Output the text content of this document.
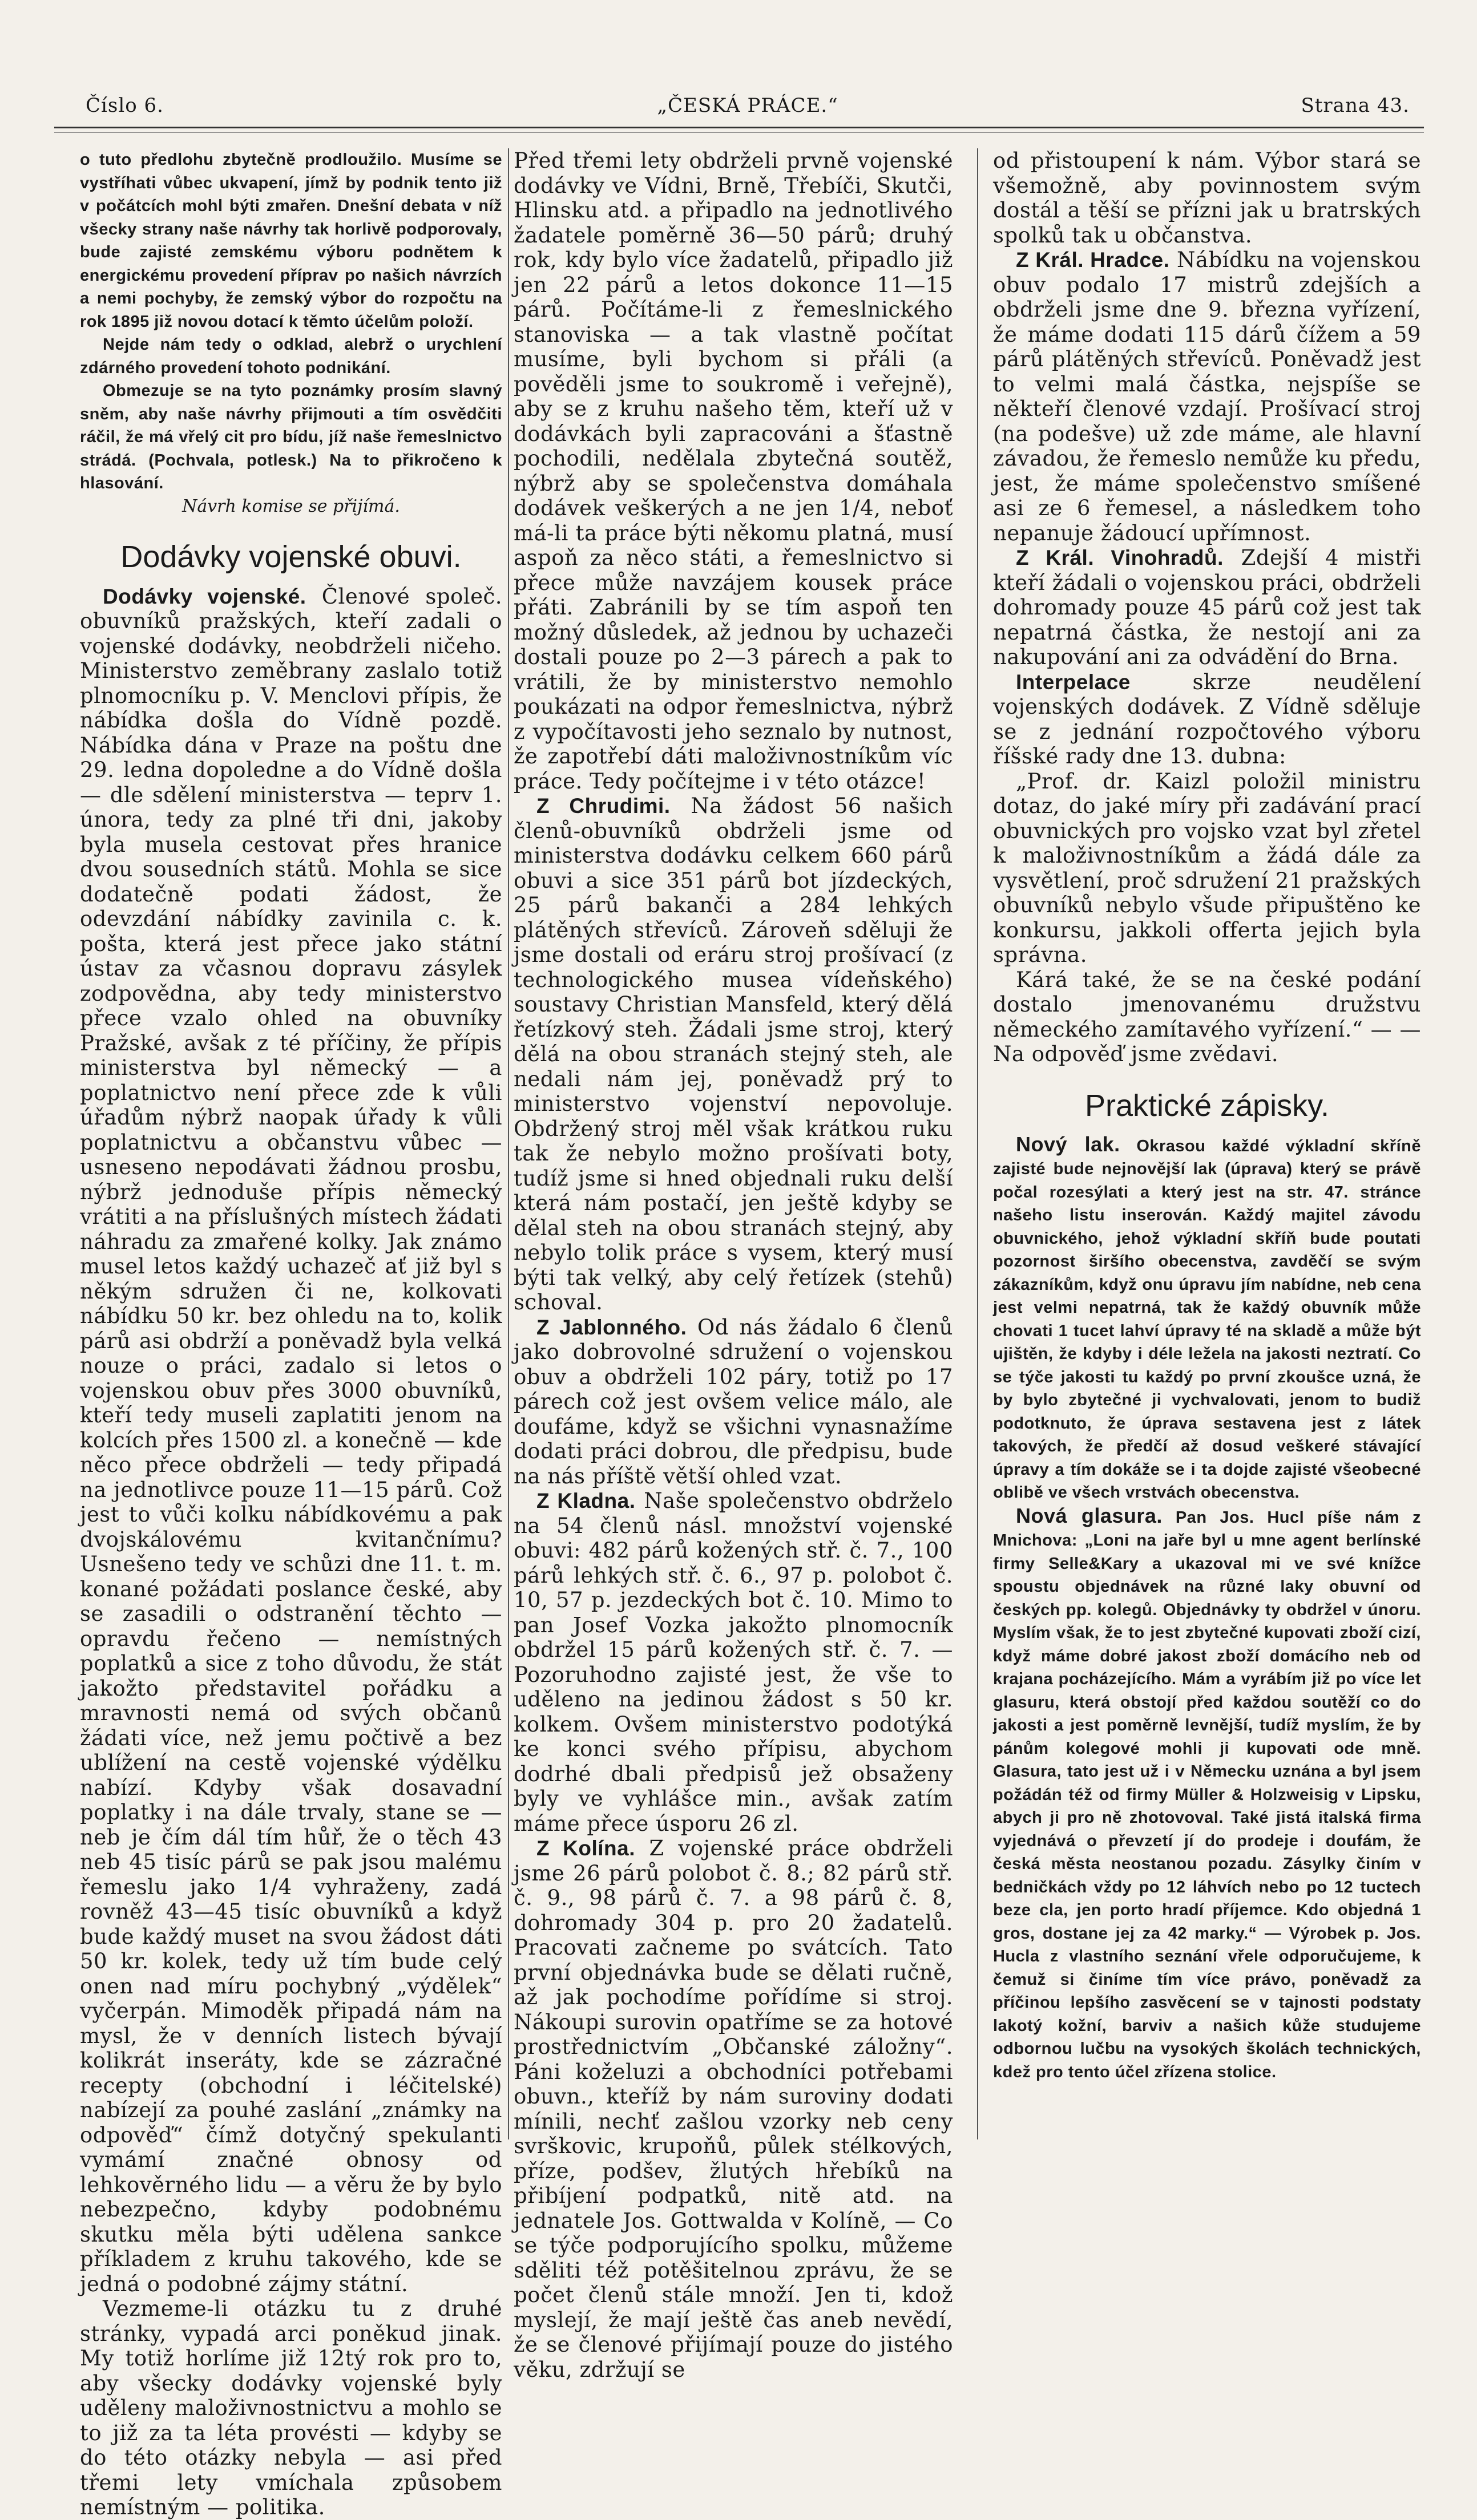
Číslo 6.	„ČESKÁ PRÁCE.“	Strana 43.

o tuto předlohu zbytečně prodloužilo. Musíme se vystříhati vůbec ukvapení, jímž by podnik tento již v počátcích mohl býti zmařen. Dnešní debata v níž všecky strany naše návrhy tak horlivě podporovaly, bude zajisté zemskému výboru podnětem k energickému provedení příprav po našich návrzích a nemi pochyby, že zemský výbor do rozpočtu na rok 1895 již novou dotací k těmto účelům položí.

Nejde nám tedy o odklad, alebrž o urychlení zdárného provedení tohoto podnikání.

Obmezuje se na tyto poznámky prosím slavný sněm, aby naše návrhy přijmouti a tím osvědčiti ráčil, že má vřelý cit pro bídu, jíž naše řemeslnictvo strádá. (Pochvala, potlesk.) Na to přikročeno k hlasování.

Návrh komise se přijímá.

Dodávky vojenské obuvi.

Dodávky vojenské. Členové společ. obuvníků pražských, kteří zadali o vojenské dodávky, neobdrželi ničeho. Ministerstvo zeměbrany zaslalo totiž plnomocníku p. V. Menclovi přípis, že nábídka došla do Vídně pozdě. Nábídka dána v Praze na poštu dne 29. ledna dopoledne a do Vídně došla — dle sdělení ministerstva — teprv 1. února, tedy za plné tři dni, jakoby byla musela cestovat přes hranice dvou sousedních států. Mohla se sice dodatečně podati žádost, že odevzdání nábídky zavinila c. k. pošta, která jest přece jako státní ústav za včasnou dopravu zásylek zodpovědna, aby tedy ministerstvo přece vzalo ohled na obuvníky Pražské, avšak z té příčiny, že přípis ministerstva byl německý — a poplatnictvo není přece zde k vůli úřadům nýbrž naopak úřady k vůli poplatnictvu a občanstvu vůbec — usneseno nepodávati žádnou prosbu, nýbrž jednoduše přípis německý vrátiti a na příslušných místech žádati náhradu za zmařené kolky. Jak známo musel letos každý uchazeč ať již byl s někým sdružen či ne, kolkovati nábídku 50 kr. bez ohledu na to, kolik párů asi obdrží a poněvadž byla velká nouze o práci, zadalo si letos o vojenskou obuv přes 3000 obuvníků, kteří tedy museli zaplatiti jenom na kolcích přes 1500 zl. a konečně — kde něco přece obdrželi — tedy připadá na jednotlivce pouze 11—15 párů. Což jest to vůči kolku nábídkovému a pak dvojskálovému kvitančnímu? Usnešeno tedy ve schůzi dne 11. t. m. konané požádati poslance české, aby se zasadili o odstranění těchto — opravdu řečeno — nemístných poplatků a sice z toho důvodu, že stát jakožto představitel pořádku a mravnosti nemá od svých občanů žádati více, než jemu počtivě a bez ublížení na cestě vojenské výdělku nabízí. Kdyby však dosavadní poplatky i na dále trvaly, stane se — neb je čím dál tím hůř, že o těch 43 neb 45 tisíc párů se pak jsou malému řemeslu jako 1/4 vyhraženy, zadá rovněž 43—45 tisíc obuvníků a když bude každý muset na svou žádost dáti 50 kr. kolek, tedy už tím bude celý onen nad míru pochybný „výdělek“ vyčerpán. Mimoděk připadá nám na mysl, že v denních listech bývají kolikrát inseráty, kde se zázračné recepty (obchodní i léčitelské) nabízejí za pouhé zaslání „známky na odpověď“ čímž dotyčný spekulanti vymámí značné obnosy od lehkověrného lidu — a věru že by bylo nebezpečno, kdyby podobnému skutku měla býti udělena sankce příkladem z kruhu takového, kde se jedná o podobné zájmy státní.

Vezmeme-li otázku tu z druhé stránky, vypadá arci poněkud jinak. My totiž horlíme již 12tý rok pro to, aby všecky dodávky vojenské byly uděleny maloživnostnictvu a mohlo se to již za ta léta provésti — kdyby se do této otázky nebyla — asi před třemi lety vmíchala způsobem nemístným — politika.

Před třemi lety obdrželi prvně vojenské dodávky ve Vídni, Brně, Třebíči, Skutči, Hlinsku atd. a připadlo na jednotlivého žadatele poměrně 36—50 párů; druhý rok, kdy bylo více žadatelů, připadlo již jen 22 párů a letos dokonce 11—15 párů. Počítáme-li z řemeslnického stanoviska — a tak vlastně počítat musíme, byli bychom si přáli (a pověděli jsme to soukromě i veřejně), aby se z kruhu našeho těm, kteří už v dodávkách byli zapracováni a šťastně pochodili, nedělala zbytečná soutěž, nýbrž aby se společenstva domáhala dodávek veškerých a ne jen 1/4, neboť má-li ta práce býti někomu platná, musí aspoň za něco státi, a řemeslnictvo si přece může navzájem kousek práce přáti. Zabránili by se tím aspoň ten možný důsledek, až jednou by uchazeči dostali pouze po 2—3 párech a pak to vrátili, že by ministerstvo nemohlo poukázati na odpor řemeslnictva, nýbrž z vypočítavosti jeho seznalo by nutnost, že zapotřebí dáti maloživnostníkům víc práce. Tedy počítejme i v této otázce!

Z Chrudimi. Na žádost 56 našich členů-obuvníků obdrželi jsme od ministerstva dodávku celkem 660 párů obuvi a sice 351 párů bot jízdeckých, 25 párů bakanči a 284 lehkých plátěných střevíců. Zároveň sděluji že jsme dostali od eráru stroj prošívací (z technologického musea vídeňského) soustavy Christian Mansfeld, který dělá řetízkový steh. Žádali jsme stroj, který dělá na obou stranách stejný steh, ale nedali nám jej, poněvadž prý to ministerstvo vojenství nepovoluje. Obdržený stroj měl však krátkou ruku tak že nebylo možno prošívati boty, tudíž jsme si hned objednali ruku delší která nám postačí, jen ještě kdyby se dělal steh na obou stranách stejný, aby nebylo tolik práce s vysem, který musí býti tak velký, aby celý řetízek (stehů) schoval.

Z Jablonného. Od nás žádalo 6 členů jako dobrovolné sdružení o vojenskou obuv a obdrželi 102 páry, totiž po 17 párech což jest ovšem velice málo, ale doufáme, když se všichni vynasnažíme dodati práci dobrou, dle předpisu, bude na nás příště větší ohled vzat.

Z Kladna. Naše společenstvo obdrželo na 54 členů násl. množství vojenské obuvi: 482 párů kožených stř. č. 7., 100 párů lehkých stř. č. 6., 97 p. polobot č. 10, 57 p. jezdeckých bot č. 10. Mimo to pan Josef Vozka jakožto plnomocník obdržel 15 párů kožených stř. č. 7. — Pozoruhodno zajisté jest, že vše to uděleno na jedinou žádost s 50 kr. kolkem. Ovšem ministerstvo podotýká ke konci svého přípisu, abychom dodrhé dbali předpisů jež obsaženy byly ve vyhlášce min., avšak zatím máme přece úsporu 26 zl.

Z Kolína. Z vojenské práce obdrželi jsme 26 párů polobot č. 8.; 82 párů stř. č. 9., 98 párů č. 7. a 98 párů č. 8, dohromady 304 p. pro 20 žadatelů. Pracovati začneme po svátcích. Tato první objednávka bude se dělati ručně, až jak pochodíme pořídíme si stroj. Nákoupi surovin opatříme se za hotové prostřednictvím „Občanské záložny“. Páni koželuzi a obchodníci potřebami obuvn., kteříž by nám suroviny dodati mínili, nechť zašlou vzorky neb ceny svrškovic, krupoňů, půlek stélkových, příze, podšev, žlutých hřebíků na přibíjení podpatků, nitě atd. na jednatele Jos. Gottwalda v Kolíně, — Co se týče podporujícího spolku, můžeme sděliti též potěšitelnou zprávu, že se počet členů stále množí. Jen ti, kdož myslejí, že mají ještě čas aneb nevědí, že se členové přijímají pouze do jistého věku, zdržují se

od přistoupení k nám. Výbor stará se všemožně, aby povinnostem svým dostál a těší se přízni jak u bratrských spolků tak u občanstva.

Z Král. Hradce. Nábídku na vojenskou obuv podalo 17 mistrů zdejších a obdrželi jsme dne 9. března vyřízení, že máme dodati 115 dárů čížem a 59 párů plátěných střevíců. Poněvadž jest to velmi malá částka, nejspíše se někteří členové vzdají. Prošívací stroj (na podešve) už zde máme, ale hlavní závadou, že řemeslo nemůže ku předu, jest, že máme společenstvo smíšené asi ze 6 řemesel, a následkem toho nepanuje žádoucí upřímnost.

Z Král. Vinohradů. Zdejší 4 mistři kteří žádali o vojenskou práci, obdrželi dohromady pouze 45 párů což jest tak nepatrná částka, že nestojí ani za nakupování ani za odvádění do Brna.

Interpelace	skrze neudělení vojenských dodávek. Z Vídně sděluje se z jednání rozpočtového výboru říšské rady dne 13. dubna:

„Prof. dr. Kaizl položil ministru dotaz, do jaké míry při zadávání prací obuvnických pro vojsko vzat byl zřetel k maloživnostníkům a žádá dále za vysvětlení, proč sdružení 21 pražských obuvníků nebylo všude připuštěno ke konkursu, jakkoli offerta jejich byla správna.

Kárá také, že se na české podání dostalo jmenovanému družstvu německého zamítavého vyřízení.“ — — Na odpověď jsme zvědavi.

Praktické zápisky.

Nový lak. Okrasou každé výkladní skříně zajisté bude nejnovější lak (úprava) který se právě počal rozesýlati a který jest na str. 47. stránce našeho listu inserován. Každý majitel závodu obuvnického, jehož výkladní skříň bude poutati pozornost širšího obecenstva, zavděčí se svým zákazníkům, když onu úpravu jím nabídne, neb cena jest velmi nepatrná, tak že každý obuvník může chovati 1 tucet lahví úpravy té na skladě a může být ujištěn, že kdyby i déle ležela na jakosti neztratí. Co se týče jakosti tu každý po první zkoušce uzná, že by bylo zbytečné ji vychvalovati, jenom to budiž podotknuto, že úprava sestavena jest z látek takových, že předčí až dosud veškeré stávající úpravy a tím dokáže se i ta dojde zajisté všeobecné oblibě ve všech vrstvách obecenstva.

Nová glasura. Pan Jos. Hucl píše nám z Mnichova: „Loni na jaře byl u mne agent berlínské firmy Selle&Kary a ukazoval mi ve své knížce spoustu objednávek na různé laky obuvní od českých pp. kolegů. Objednávky ty obdržel v únoru. Myslím však, že to jest zbytečné kupovati zboží cizí, když máme dobré jakost zboží domácího neb od krajana pocházejícího. Mám a vyrábím již po více let glasuru, která obstojí před každou soutěží co do jakosti a jest poměrně levnější, tudíž myslím, že by pánům kolegové mohli ji kupovati ode mně. Glasura, tato jest už i v Německu uznána a byl jsem požádán též od firmy Müller & Holzweisig v Lipsku, abych ji pro ně zhotovoval. Také jistá italská firma vyjednává o převzetí jí do prodeje i doufám, že česká města neostanou pozadu. Zásylky činím v bedničkách vždy po 12 láhvích nebo po 12 tuctech beze cla, jen porto hradí příjemce. Kdo objedná 1 gros, dostane jej za 42 marky.“ — Výrobek p. Jos. Hucla z vlastního seznání vřele odporučujeme, k čemuž si činíme tím více právo, poněvadž za příčinou lepšího zasvěcení se v tajnosti podstaty lakotý kožní, barviv a našich kůže studujeme odbornou lučbu na vysokých školách technických, kdež pro tento účel zřízena stolice.
